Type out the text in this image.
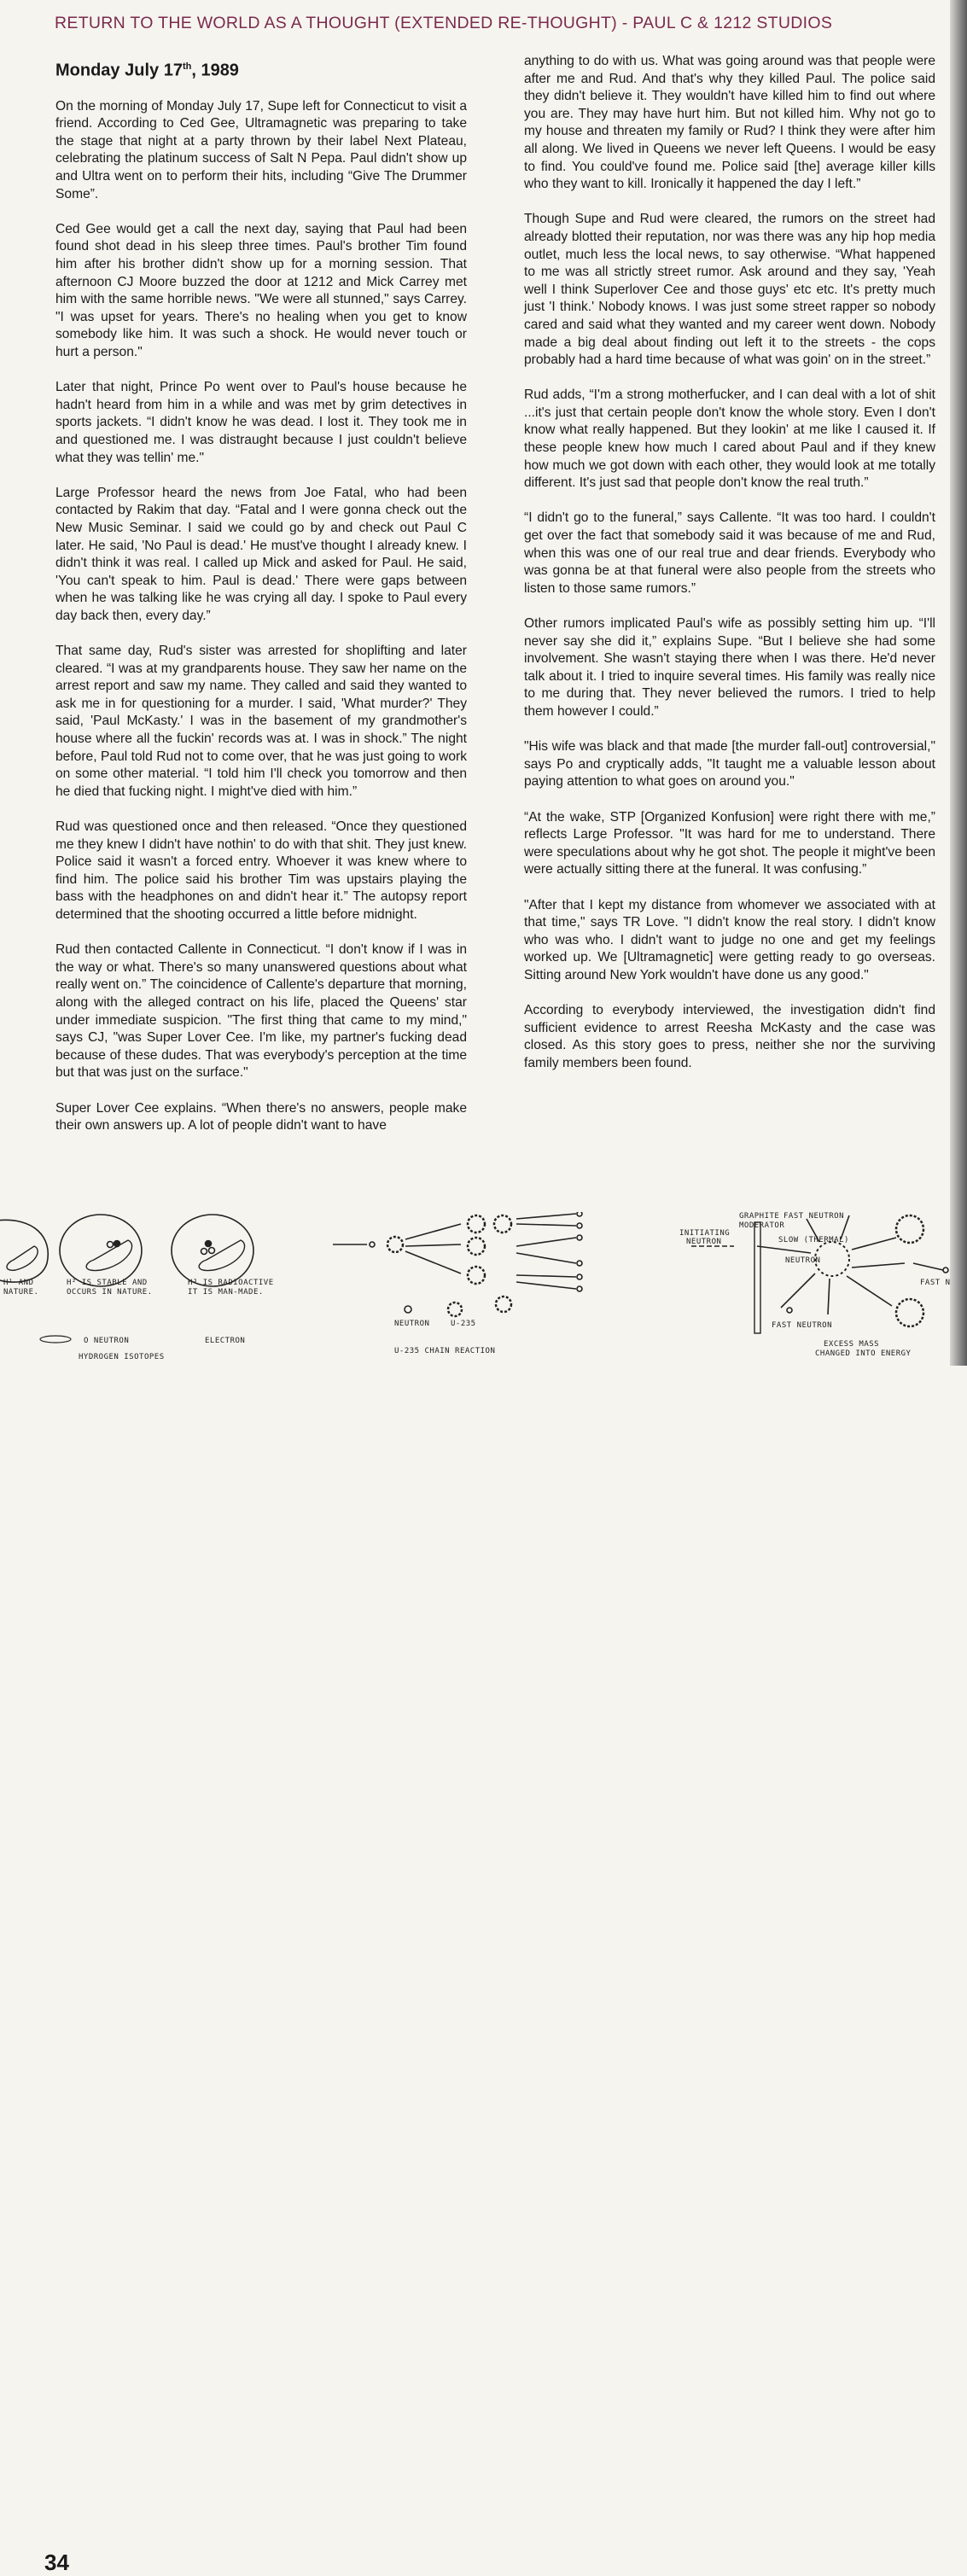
RETURN TO THE WORLD AS A THOUGHT (EXTENDED RE-THOUGHT) - PAUL C & 1212 STUDIOS
Monday July 17th, 1989

On the morning of Monday July 17, Supe left for Connecticut to visit a friend. According to Ced Gee, Ultramagnetic was preparing to take the stage that night at a party thrown by their label Next Plateau, celebrating the platinum success of Salt N Pepa. Paul didn't show up and Ultra went on to perform their hits, including “Give The Drummer Some”.

Ced Gee would get a call the next day, saying that Paul had been found shot dead in his sleep three times. Paul's brother Tim found him after his brother didn't show up for a morning session. That afternoon CJ Moore buzzed the door at 1212 and Mick Carrey met him with the same horrible news. "We were all stunned," says Carrey. "I was upset for years. There's no healing when you get to know somebody like him. It was such a shock. He would never touch or hurt a person."

Later that night, Prince Po went over to Paul's house because he hadn't heard from him in a while and was met by grim detectives in sports jackets. “I didn't know he was dead. I lost it. They took me in and questioned me. I was distraught because I just couldn't believe what they was tellin' me."

Large Professor heard the news from Joe Fatal, who had been contacted by Rakim that day. “Fatal and I were gonna check out the New Music Seminar. I said we could go by and check out Paul C later. He said, 'No Paul is dead.' He must've thought I already knew. I didn't think it was real. I called up Mick and asked for Paul. He said, 'You can't speak to him. Paul is dead.' There were gaps between when he was talking like he was crying all day. I spoke to Paul every day back then, every day.”

That same day, Rud's sister was arrested for shoplifting and later cleared. “I was at my grandparents house. They saw her name on the arrest report and saw my name. They called and said they wanted to ask me in for questioning for a murder. I said, 'What murder?' They said, 'Paul McKasty.' I was in the basement of my grandmother's house where all the fuckin' records was at. I was in shock.” The night before, Paul told Rud not to come over, that he was just going to work on some other material. “I told him I'll check you tomorrow and then he died that fucking night. I might've died with him.”

Rud was questioned once and then released. “Once they questioned me they knew I didn't have nothin' to do with that shit. They just knew. Police said it wasn't a forced entry. Whoever it was knew where to find him. The police said his brother Tim was upstairs playing the bass with the headphones on and didn't hear it.” The autopsy report determined that the shooting occurred a little before midnight.

Rud then contacted Callente in Connecticut. “I don't know if I was in the way or what. There's so many unanswered questions about what really went on.” The coincidence of Callente's departure that morning, along with the alleged contract on his life, placed the Queens' star under immediate suspicion. "The first thing that came to my mind," says CJ, "was Super Lover Cee. I'm like, my partner's fucking dead because of these dudes. That was everybody's perception at the time but that was just on the surface."

Super Lover Cee explains. “When there's no answers, people make their own answers up. A lot of people didn't want to have

anything to do with us. What was going around was that people were after me and Rud. And that's why they killed Paul. The police said they didn't believe it. They wouldn't have killed him to find out where you are. They may have hurt him. But not killed him. Why not go to my house and threaten my family or Rud? I think they were after him all along. We lived in Queens we never left Queens. I would be easy to find. You could've found me. Police said [the] average killer kills who they want to kill. Ironically it happened the day I left.”

Though Supe and Rud were cleared, the rumors on the street had already blotted their reputation, nor was there was any hip hop media outlet, much less the local news, to say otherwise. “What happened to me was all strictly street rumor. Ask around and they say, 'Yeah well I think Superlover Cee and those guys' etc etc. It's pretty much just 'I think.' Nobody knows. I was just some street rapper so nobody cared and said what they wanted and my career went down. Nobody made a big deal about finding out left it to the streets - the cops probably had a hard time because of what was goin' on in the street.”

Rud adds, “I'm a strong motherfucker, and I can deal with a lot of shit ...it's just that certain people don't know the whole story. Even I don't know what really happened. But they lookin' at me like I caused it. If these people knew how much I cared about Paul and if they knew how much we got down with each other, they would look at me totally different. It's just sad that people don't know the real truth.”

“I didn't go to the funeral,” says Callente. “It was too hard. I couldn't get over the fact that somebody said it was because of me and Rud, when this was one of our real true and dear friends. Everybody who was gonna be at that funeral were also people from the streets who listen to those same rumors.”

Other rumors implicated Paul's wife as possibly setting him up. “I'll never say she did it,” explains Supe. “But I believe she had some involvement. She wasn't staying there when I was there. He'd never talk about it. I tried to inquire several times. His family was really nice to me during that. They never believed the rumors. I tried to help them however I could.”

"His wife was black and that made [the murder fall-out] controversial," says Po and cryptically adds, "It taught me a valuable lesson about paying attention to what goes on around you."

“At the wake, STP [Organized Konfusion] were right there with me,” reflects Large Professor. "It was hard for me to understand. There were speculations about why he got shot. The people it might've been were actually sitting there at the funeral. It was confusing.”

"After that I kept my distance from whomever we associated with at that time," says TR Love. "I didn't know the real story. I didn't know who was who. I didn't want to judge no one and get my feelings worked up. We [Ultramagnetic] were getting ready to go overseas. Sitting around New York wouldn't have done us any good."

According to everybody interviewed, the investigation didn't find sufficient evidence to arrest Reesha McKasty and the case was closed. As this story goes to press, neither she nor the surviving family members been found.

H¹ AND
NATURE.
H² IS STABLE AND
OCCURS IN NATURE.
H³ IS RADIOACTIVE
IT IS MAN-MADE.
O NEUTRON	ELECTRON
HYDROGEN ISOTOPES
34
NEUTRON	U-235
U-235 CHAIN REACTION
GRAPHITE
MODERATOR
FAST NEUTRON
INITIATING
NEUTRON	SLOW (THERMAL)
NEUTRON
FAST NEUTRON
EXCESS MASS
CHANGED INTO ENERGY
FAST N
